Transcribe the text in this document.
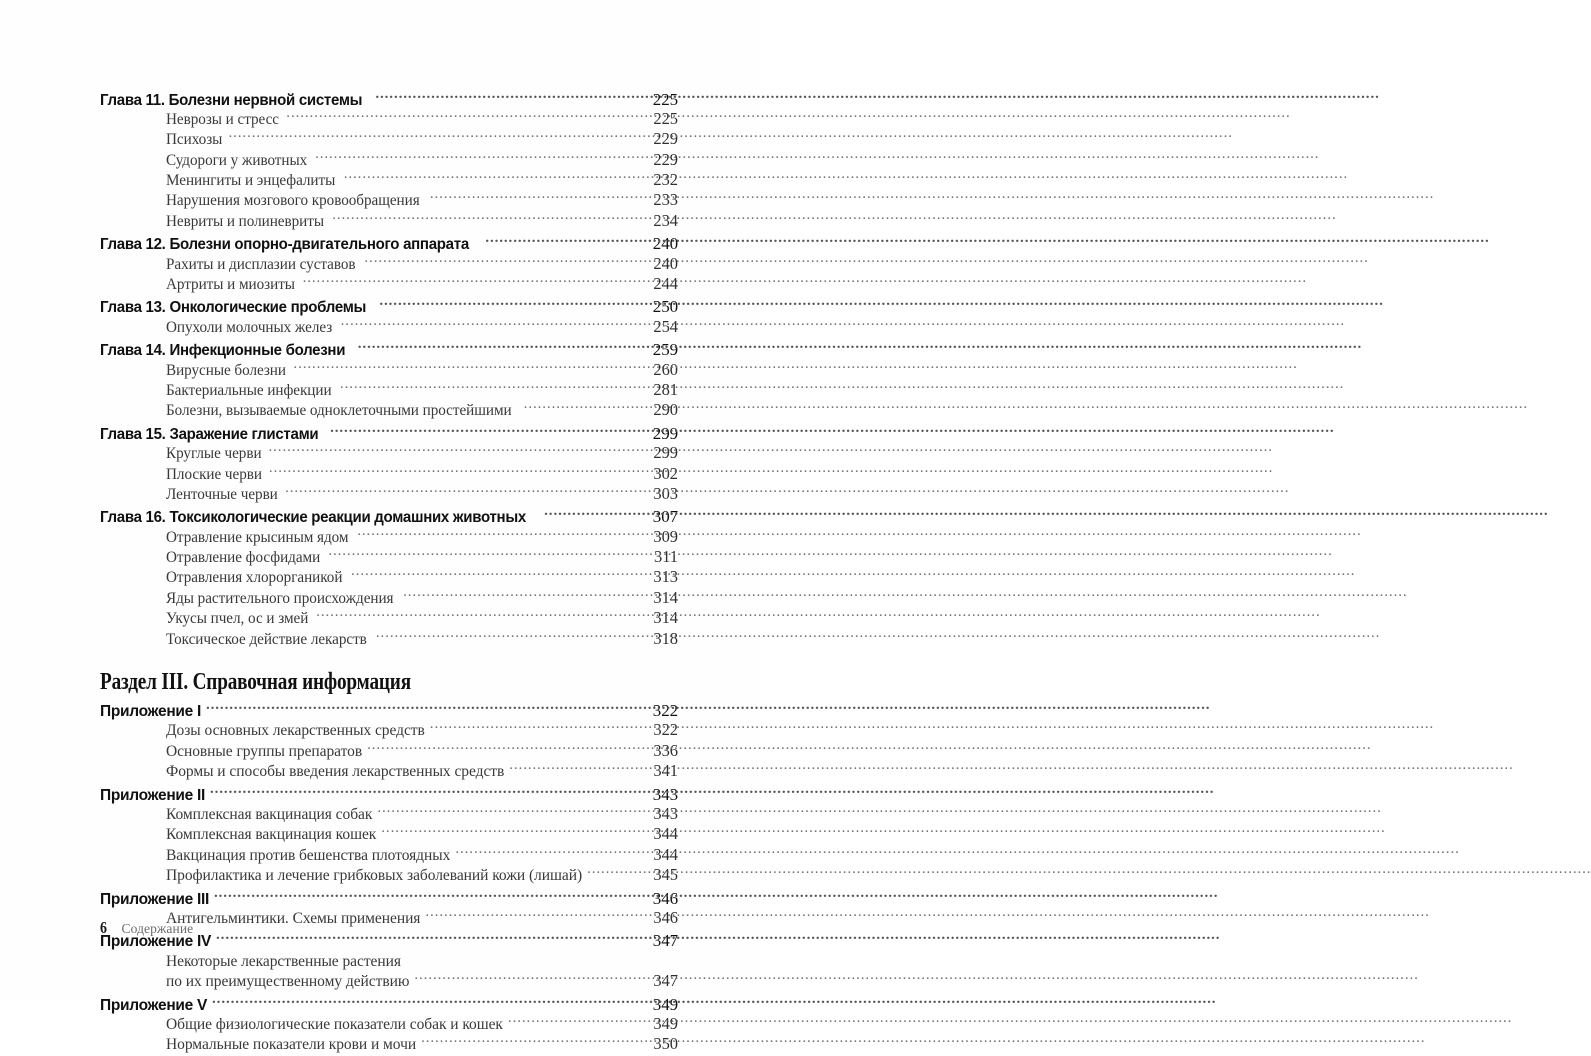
Глава 11. Болезни нервной системы .....	225
Неврозы и стресс .....	225
Психозы .....	229
Судороги у животных .....	229
Менингиты и энцефалиты .....	232
Нарушения мозгового кровообращения .....	233
Невриты и полиневриты .....	234
Глава 12. Болезни опорно-двигательного аппарата .....	240
Рахиты и дисплазии суставов .....	240
Артриты и миозиты .....	244
Глава 13. Онкологические проблемы .....	250
Опухоли молочных желез .....	254
Глава 14. Инфекционные болезни .....	259
Вирусные болезни .....	260
Бактериальные инфекции .....	281
Болезни, вызываемые одноклеточными простейшими .....	290
Глава 15. Заражение глистами .....	299
Круглые черви .....	299
Плоские черви .....	302
Ленточные черви .....	303
Глава 16. Токсикологические реакции домашних животных .....	307
Отравление крысиным ядом .....	309
Отравление фосфидами .....	311
Отравления хлорорганикой .....	313
Яды растительного происхождения .....	314
Укусы пчел, ос и змей .....	314
Токсическое действие лекарств .....	318
Раздел III. Справочная информация
Приложение I .....	322
Дозы основных лекарственных средств .....	322
Основные группы препаратов .....	336
Формы и способы введения лекарственных средств .....	341
Приложение II .....	343
Комплексная вакцинация собак .....	343
Комплексная вакцинация кошек .....	344
Вакцинация против бешенства плотоядных .....	344
Профилактика и лечение грибковых заболеваний кожи (лишай) .....	345
Приложение III .....	346
Антигельминтики. Схемы применения .....	346
Приложение IV .....	347
Некоторые лекарственные растения
по их преимущественному действию .....	347
Приложение V .....	349
Общие физиологические показатели собак и кошек .....	349
Нормальные показатели крови и мочи .....	350
6 Содержание
